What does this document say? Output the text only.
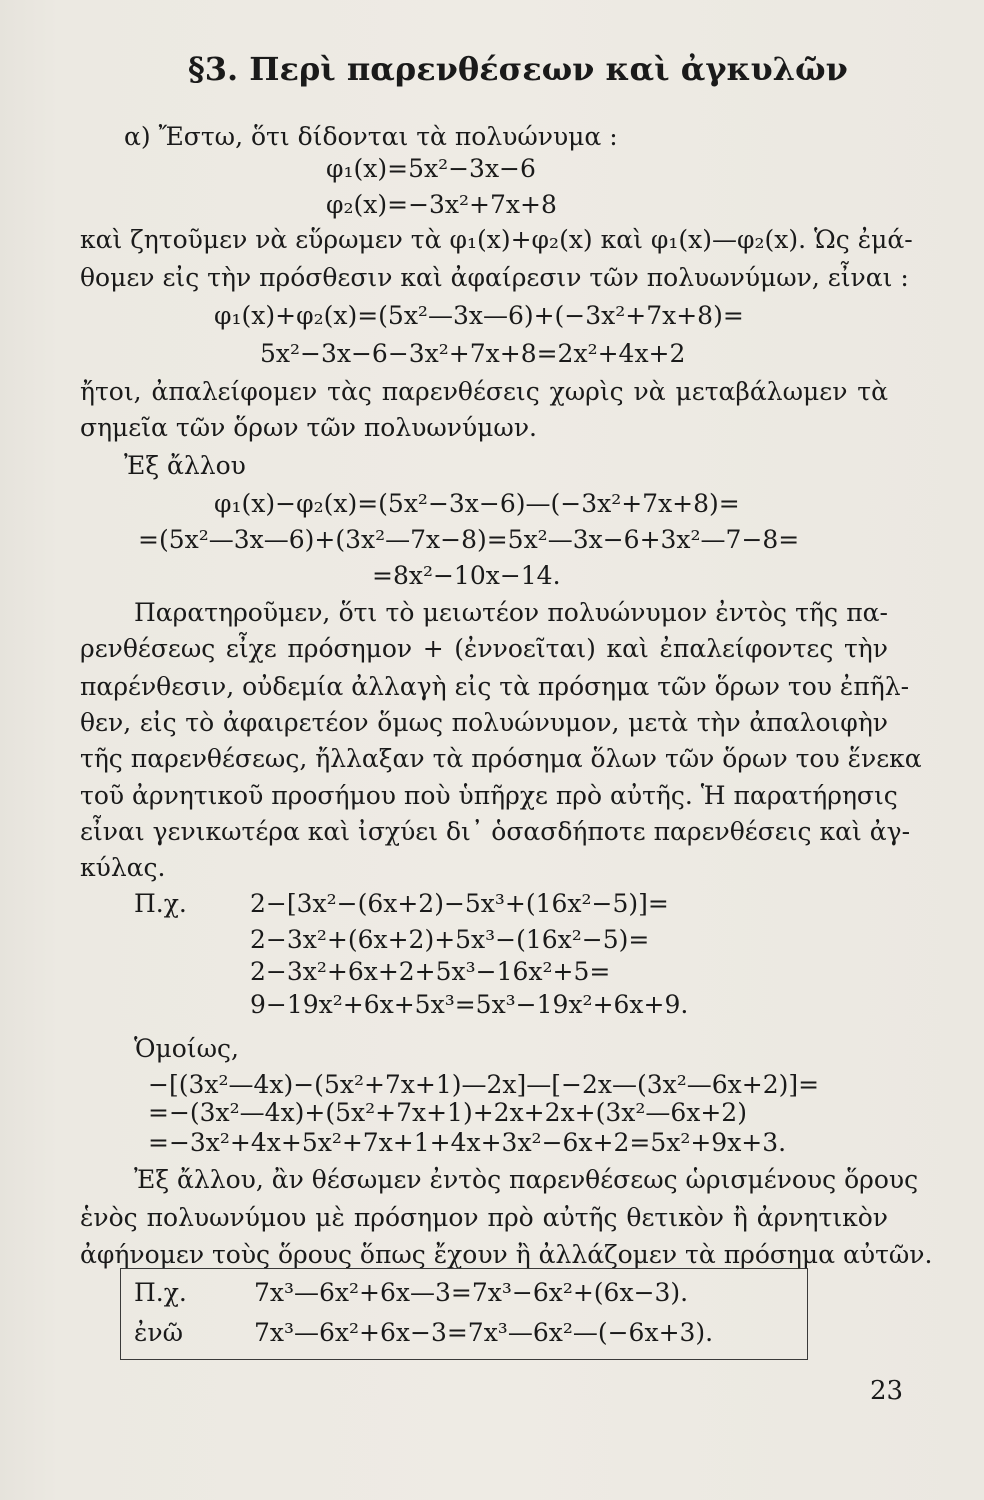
§3. Περὶ παρενθέσεων καὶ ἀγκυλῶν
α) Ἔστω, ὅτι δίδονται τὰ πολυώνυμα :
φ₁(x)=5x²−3x−6
φ₂(x)=−3x²+7x+8
καὶ ζητοῦμεν νὰ εὕρωμεν τὰ φ₁(x)+φ₂(x) καὶ φ₁(x)—φ₂(x). Ὡς ἐμά-
θομεν εἰς τὴν πρόσθεσιν καὶ ἀφαίρεσιν τῶν πολυωνύμων, εἶναι :
φ₁(x)+φ₂(x)=(5x²—3x—6)+(−3x²+7x+8)=
5x²−3x−6−3x²+7x+8=2x²+4x+2
ἤτοι, ἀπαλείφομεν τὰς παρενθέσεις χωρὶς νὰ μεταβάλωμεν τὰ
σημεῖα τῶν ὅρων τῶν πολυωνύμων.
Ἐξ ἄλλου
φ₁(x)−φ₂(x)=(5x²−3x−6)—(−3x²+7x+8)=
=(5x²—3x—6)+(3x²—7x−8)=5x²—3x−6+3x²—7−8=
=8x²−10x−14.
Παρατηροῦμεν, ὅτι τὸ μειωτέον πολυώνυμον ἐντὸς τῆς πα-
ρενθέσεως εἶχε πρόσημον + (ἐννοεῖται) καὶ ἐπαλείφοντες τὴν
παρένθεσιν, οὐδεμία ἀλλαγὴ εἰς τὰ πρόσημα τῶν ὅρων του ἐπῆλ-
θεν, εἰς τὸ ἀφαιρετέον ὅμως πολυώνυμον, μετὰ τὴν ἀπαλοιφὴν
τῆς παρενθέσεως, ἤλλαξαν τὰ πρόσημα ὅλων τῶν ὅρων του ἕνεκα
τοῦ ἀρνητικοῦ προσήμου ποὺ ὑπῆρχε πρὸ αὐτῆς. Ἡ παρατήρησις
εἶναι γενικωτέρα καὶ ἰσχύει δι᾽ ὁσασδήποτε παρενθέσεις καὶ ἀγ-
κύλας.
Π.χ.	2−[3x²−(6x+2)−5x³+(16x²−5)]=
2−3x²+(6x+2)+5x³−(16x²−5)=
2−3x²+6x+2+5x³−16x²+5=
9−19x²+6x+5x³=5x³−19x²+6x+9.
Ὁμοίως,
−[(3x²—4x)−(5x²+7x+1)—2x]—[−2x—(3x²—6x+2)]=
=−(3x²—4x)+(5x²+7x+1)+2x+2x+(3x²—6x+2)
=−3x²+4x+5x²+7x+1+4x+3x²−6x+2=5x²+9x+3.
Ἐξ ἄλλου, ἂν θέσωμεν ἐντὸς παρενθέσεως ὡρισμένους ὅρους
ἑνὸς πολυωνύμου μὲ πρόσημον πρὸ αὐτῆς θετικὸν ἢ ἀρνητικὸν
ἀφήνομεν τοὺς ὅρους ὅπως ἔχουν ἢ ἀλλάζομεν τὰ πρόσημα αὐτῶν.
Π.χ.	7x³—6x²+6x—3=7x³−6x²+(6x−3).
ἐνῶ	7x³—6x²+6x−3=7x³—6x²—(−6x+3).
23
